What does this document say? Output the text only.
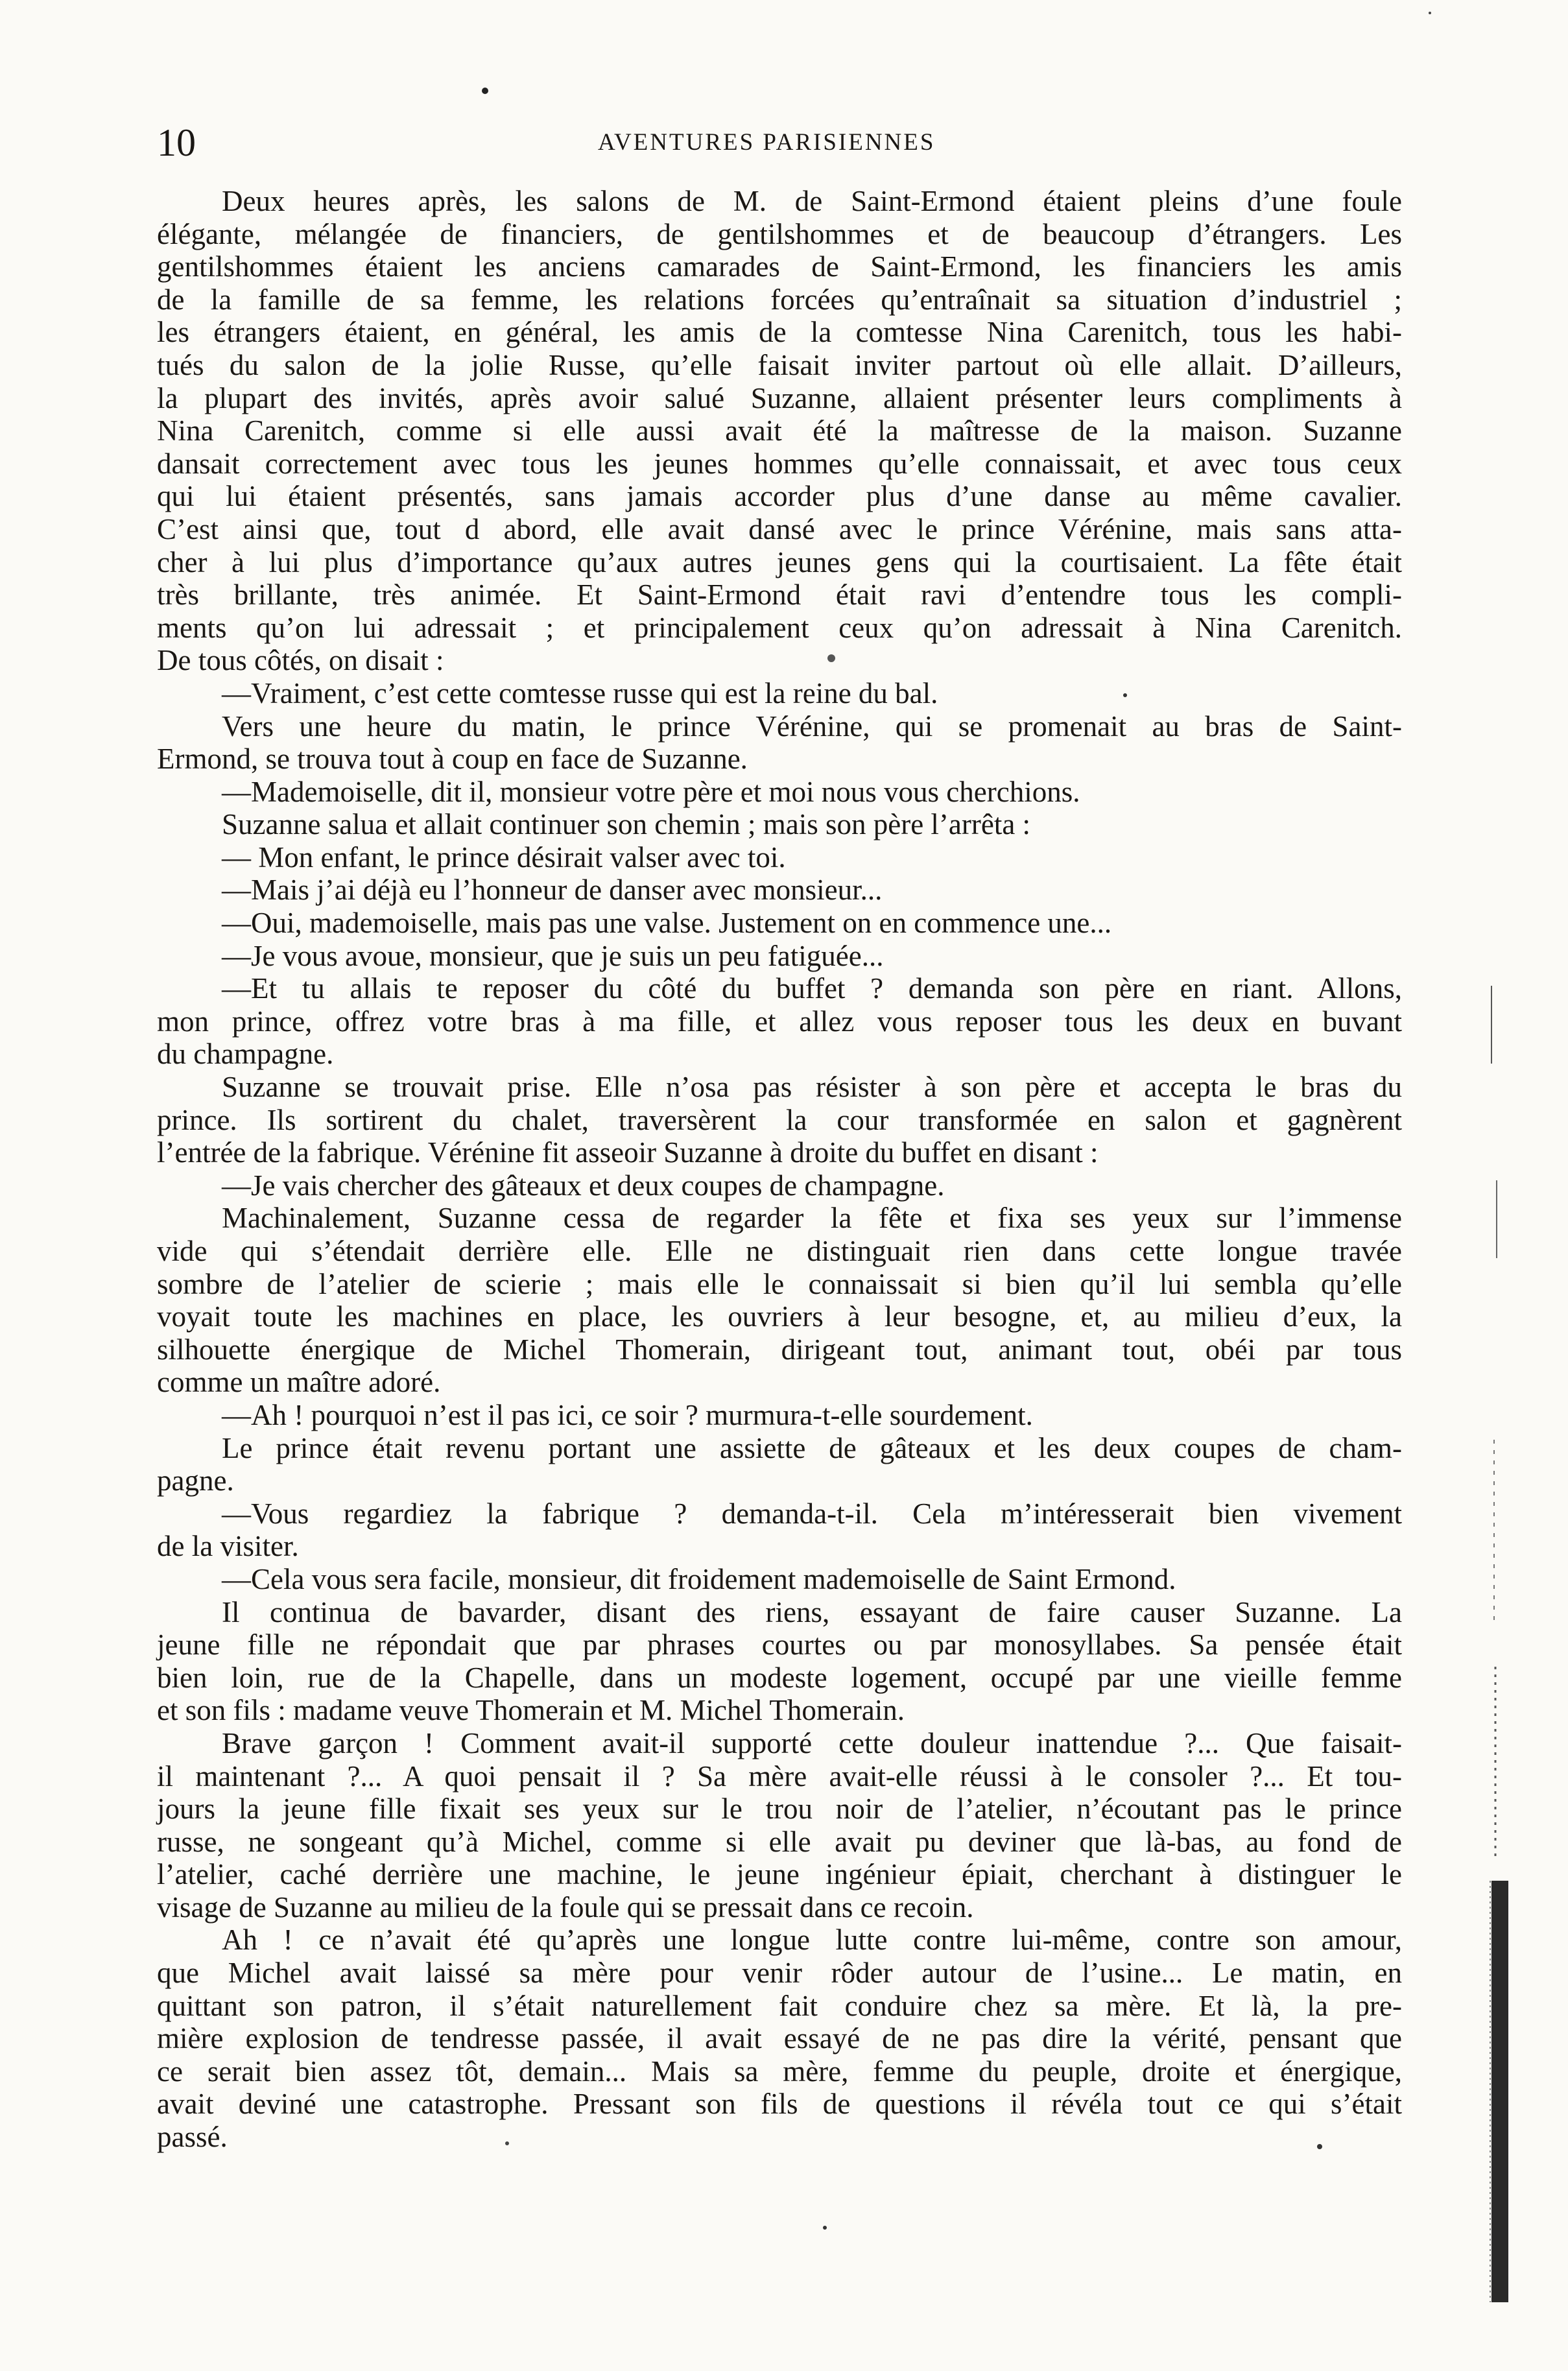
10	AVENTURES PARISIENNES
Deux heures après, les salons de M. de Saint-Ermond étaient pleins d’une foule
élégante, mélangée de financiers, de gentilshommes et de beaucoup d’étrangers. Les
gentilshommes étaient les anciens camarades de Saint-Ermond, les financiers les amis
de la famille de sa femme, les relations forcées qu’entraînait sa situation d’industriel ;
les étrangers étaient, en général, les amis de la comtesse Nina Carenitch, tous les habi-
tués du salon de la jolie Russe, qu’elle faisait inviter partout où elle allait. D’ailleurs,
la plupart des invités, après avoir salué Suzanne, allaient présenter leurs compliments à
Nina Carenitch, comme si elle aussi avait été la maîtresse de la maison. Suzanne
dansait correctement avec tous les jeunes hommes qu’elle connaissait, et avec tous ceux
qui lui étaient présentés, sans jamais accorder plus d’une danse au même cavalier.
C’est ainsi que, tout d abord, elle avait dansé avec le prince Vérénine, mais sans atta-
cher à lui plus d’importance qu’aux autres jeunes gens qui la courtisaient. La fête était
très brillante, très animée. Et Saint-Ermond était ravi d’entendre tous les compli-
ments qu’on lui adressait ; et principalement ceux qu’on adressait à Nina Carenitch.
De tous côtés, on disait :
—Vraiment, c’est cette comtesse russe qui est la reine du bal.
Vers une heure du matin, le prince Vérénine, qui se promenait au bras de Saint-
Ermond, se trouva tout à coup en face de Suzanne.
—Mademoiselle, dit il, monsieur votre père et moi nous vous cherchions.
Suzanne salua et allait continuer son chemin ; mais son père l’arrêta :
— Mon enfant, le prince désirait valser avec toi.
—Mais j’ai déjà eu l’honneur de danser avec monsieur...
—Oui, mademoiselle, mais pas une valse. Justement on en commence une...
—Je vous avoue, monsieur, que je suis un peu fatiguée...
—Et tu allais te reposer du côté du buffet ? demanda son père en riant. Allons,
mon prince, offrez votre bras à ma fille, et allez vous reposer tous les deux en buvant
du champagne.
Suzanne se trouvait prise. Elle n’osa pas résister à son père et accepta le bras du
prince. Ils sortirent du chalet, traversèrent la cour transformée en salon et gagnèrent
l’entrée de la fabrique. Vérénine fit asseoir Suzanne à droite du buffet en disant :
—Je vais chercher des gâteaux et deux coupes de champagne.
Machinalement, Suzanne cessa de regarder la fête et fixa ses yeux sur l’immense
vide qui s’étendait derrière elle. Elle ne distinguait rien dans cette longue travée
sombre de l’atelier de scierie ; mais elle le connaissait si bien qu’il lui sembla qu’elle
voyait toute les machines en place, les ouvriers à leur besogne, et, au milieu d’eux, la
silhouette énergique de Michel Thomerain, dirigeant tout, animant tout, obéi par tous
comme un maître adoré.
—Ah ! pourquoi n’est il pas ici, ce soir ? murmura-t-elle sourdement.
Le prince était revenu portant une assiette de gâteaux et les deux coupes de cham-
pagne.
—Vous regardiez la fabrique ? demanda-t-il. Cela m’intéresserait bien vivement
de la visiter.
—Cela vous sera facile, monsieur, dit froidement mademoiselle de Saint Ermond.
Il continua de bavarder, disant des riens, essayant de faire causer Suzanne. La
jeune fille ne répondait que par phrases courtes ou par monosyllabes. Sa pensée était
bien loin, rue de la Chapelle, dans un modeste logement, occupé par une vieille femme
et son fils : madame veuve Thomerain et M. Michel Thomerain.
Brave garçon ! Comment avait-il supporté cette douleur inattendue ?... Que faisait-
il maintenant ?... A quoi pensait il ? Sa mère avait-elle réussi à le consoler ?... Et tou-
jours la jeune fille fixait ses yeux sur le trou noir de l’atelier, n’écoutant pas le prince
russe, ne songeant qu’à Michel, comme si elle avait pu deviner que là-bas, au fond de
l’atelier, caché derrière une machine, le jeune ingénieur épiait, cherchant à distinguer le
visage de Suzanne au milieu de la foule qui se pressait dans ce recoin.
Ah ! ce n’avait été qu’après une longue lutte contre lui-même, contre son amour,
que Michel avait laissé sa mère pour venir rôder autour de l’usine... Le matin, en
quittant son patron, il s’était naturellement fait conduire chez sa mère. Et là, la pre-
mière explosion de tendresse passée, il avait essayé de ne pas dire la vérité, pensant que
ce serait bien assez tôt, demain... Mais sa mère, femme du peuple, droite et énergique,
avait deviné une catastrophe. Pressant son fils de questions il révéla tout ce qui s’était
passé.
